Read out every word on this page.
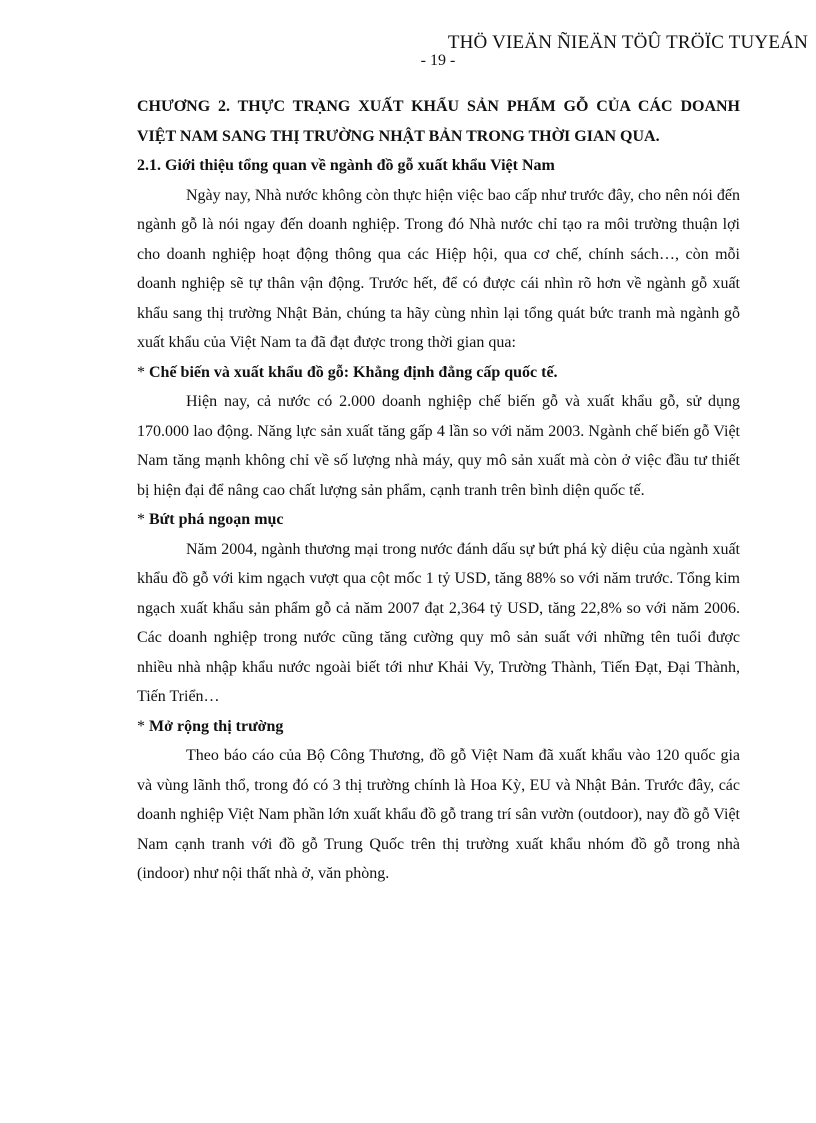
THÖ VIEÄN ÑIEÄN TÖÛ TRÖÏC TUYEÁN
- 19 -

CHƯƠNG 2. THỰC TRẠNG XUẤT KHẨU SẢN PHẨM GỖ CỦA CÁC DOANH VIỆT NAM SANG THỊ TRƯỜNG NHẬT BẢN TRONG THỜI GIAN QUA.

2.1. Giới thiệu tổng quan về ngành đồ gỗ xuất khẩu Việt Nam

Ngày nay, Nhà nước không còn thực hiện việc bao cấp như trước đây, cho nên nói đến ngành gỗ là nói ngay đến doanh nghiệp. Trong đó Nhà nước chỉ tạo ra môi trường thuận lợi cho doanh nghiệp hoạt động thông qua các Hiệp hội, qua cơ chế, chính sách…, còn mỗi doanh nghiệp sẽ tự thân vận động. Trước hết, để có được cái nhìn rõ hơn về ngành gỗ xuất khẩu sang thị trường Nhật Bản, chúng ta hãy cùng nhìn lại tổng quát bức tranh mà ngành gỗ xuất khẩu của Việt Nam ta đã đạt được trong thời gian qua:

* Chế biến và xuất khẩu đồ gỗ: Khẳng định đẳng cấp quốc tế.

Hiện nay, cả nước có 2.000 doanh nghiệp chế biến gỗ và xuất khẩu gỗ, sử dụng 170.000 lao động. Năng lực sản xuất tăng gấp 4 lần so với năm 2003. Ngành chế biến gỗ Việt Nam tăng mạnh không chỉ về số lượng nhà máy, quy mô sản xuất mà còn ở việc đầu tư thiết bị hiện đại để nâng cao chất lượng sản phẩm, cạnh tranh trên bình diện quốc tế.

* Bứt phá ngoạn mục

Năm 2004, ngành thương mại trong nước đánh dấu sự bứt phá kỳ diệu của ngành xuất khẩu đồ gỗ với kim ngạch vượt qua cột mốc 1 tỷ USD, tăng 88% so với năm trước. Tổng kim ngạch xuất khẩu sản phẩm gỗ cả năm 2007 đạt 2,364 tỷ USD, tăng 22,8% so với năm 2006. Các doanh nghiệp trong nước cũng tăng cường quy mô sản suất với những tên tuổi được nhiều nhà nhập khẩu nước ngoài biết tới như Khải Vy, Trường Thành, Tiến Đạt, Đại Thành, Tiến Triển…

* Mở rộng thị trường

Theo báo cáo của Bộ Công Thương, đồ gỗ Việt Nam đã xuất khẩu vào 120 quốc gia và vùng lãnh thổ, trong đó có 3 thị trường chính là Hoa Kỳ, EU và Nhật Bản. Trước đây, các doanh nghiệp Việt Nam phần lớn xuất khẩu đồ gỗ trang trí sân vườn (outdoor), nay đồ gỗ Việt Nam cạnh tranh với đồ gỗ Trung Quốc trên thị trường xuất khẩu nhóm đồ gỗ trong nhà (indoor) như nội thất nhà ở, văn phòng.
